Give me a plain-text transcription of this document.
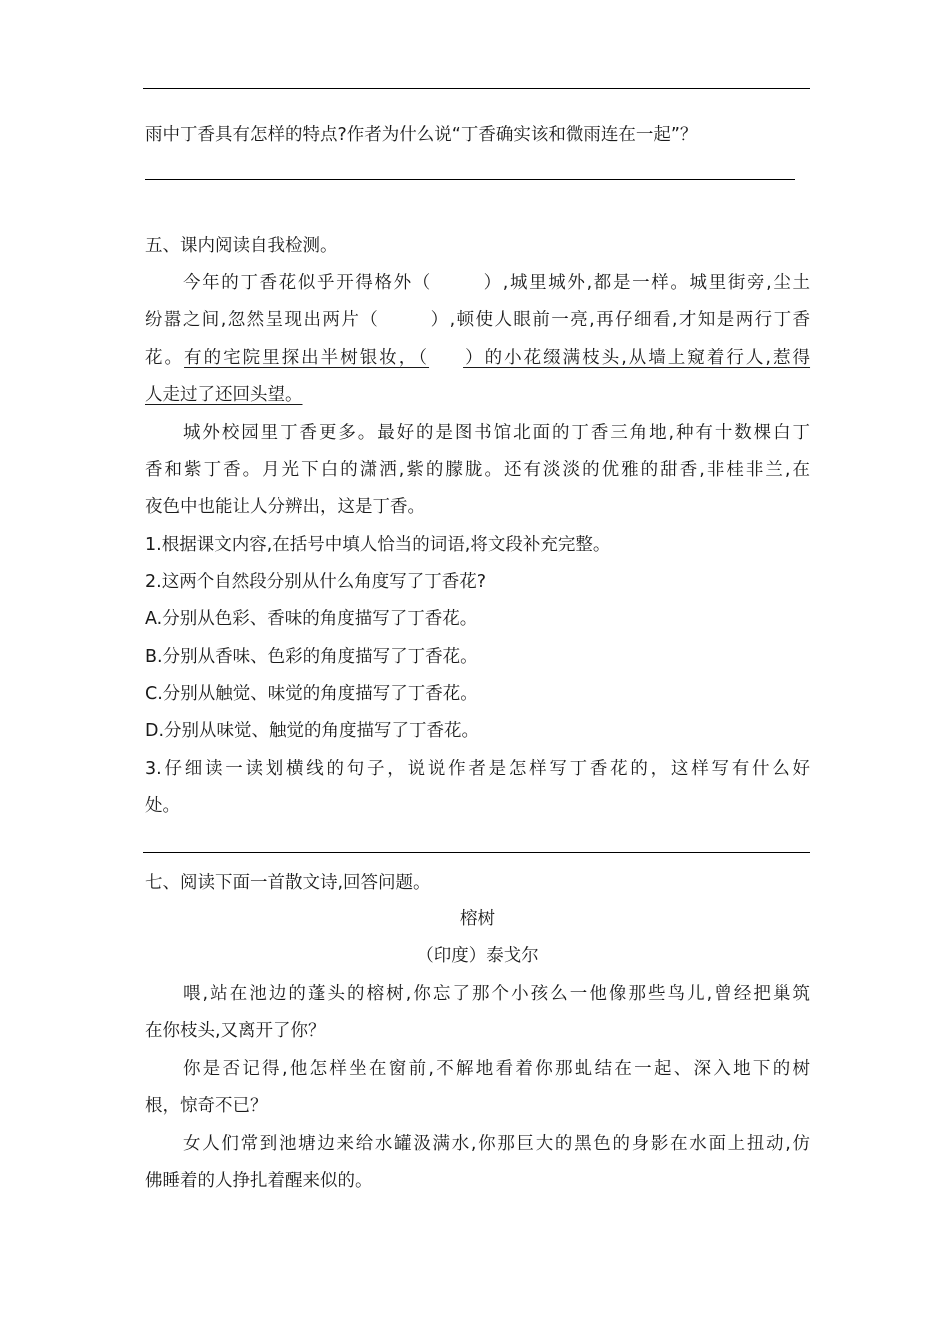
雨中丁香具有怎样的特点?作者为什么说“丁香确实该和微雨连在一起”？
五、课内阅读自我检测。
今年的丁香花似乎开得格外（	）,城里城外,都是一样。城里街旁,尘土
纷嚣之间,忽然呈现出两片（	）,顿使人眼前一亮,再仔细看,才知是两行丁香
花。有的宅院里探出半树银妆，（ ）的小花缀满枝头,从墙上窥着行人,惹得
人走过了还回头望。
城外校园里丁香更多。最好的是图书馆北面的丁香三角地,种有十数棵白丁
香和紫丁香。月光下白的潇洒,紫的朦胧。还有淡淡的优雅的甜香,非桂非兰,在
夜色中也能让人分辨出，这是丁香。
1.根据课文内容,在括号中填人恰当的词语,将文段补充完整。
2.这两个自然段分别从什么角度写了丁香花?
A.分别从色彩、香味的角度描写了丁香花。
B.分别从香味、色彩的角度描写了丁香花。
C.分别从触觉、味觉的角度描写了丁香花。
D.分别从味觉、触觉的角度描写了丁香花。
3.仔细读一读划横线的句子，说说作者是怎样写丁香花的，这样写有什么好
处。
七、阅读下面一首散文诗,回答问题。
榕树
（印度）泰戈尔
喂,站在池边的蓬头的榕树,你忘了那个小孩么一他像那些鸟儿,曾经把巢筑
在你枝头,又离开了你？
你是否记得,他怎样坐在窗前,不解地看着你那虬结在一起、深入地下的树
根，惊奇不已？
女人们常到池塘边来给水罐汲满水,你那巨大的黑色的身影在水面上扭动,仿
佛睡着的人挣扎着醒来似的。
